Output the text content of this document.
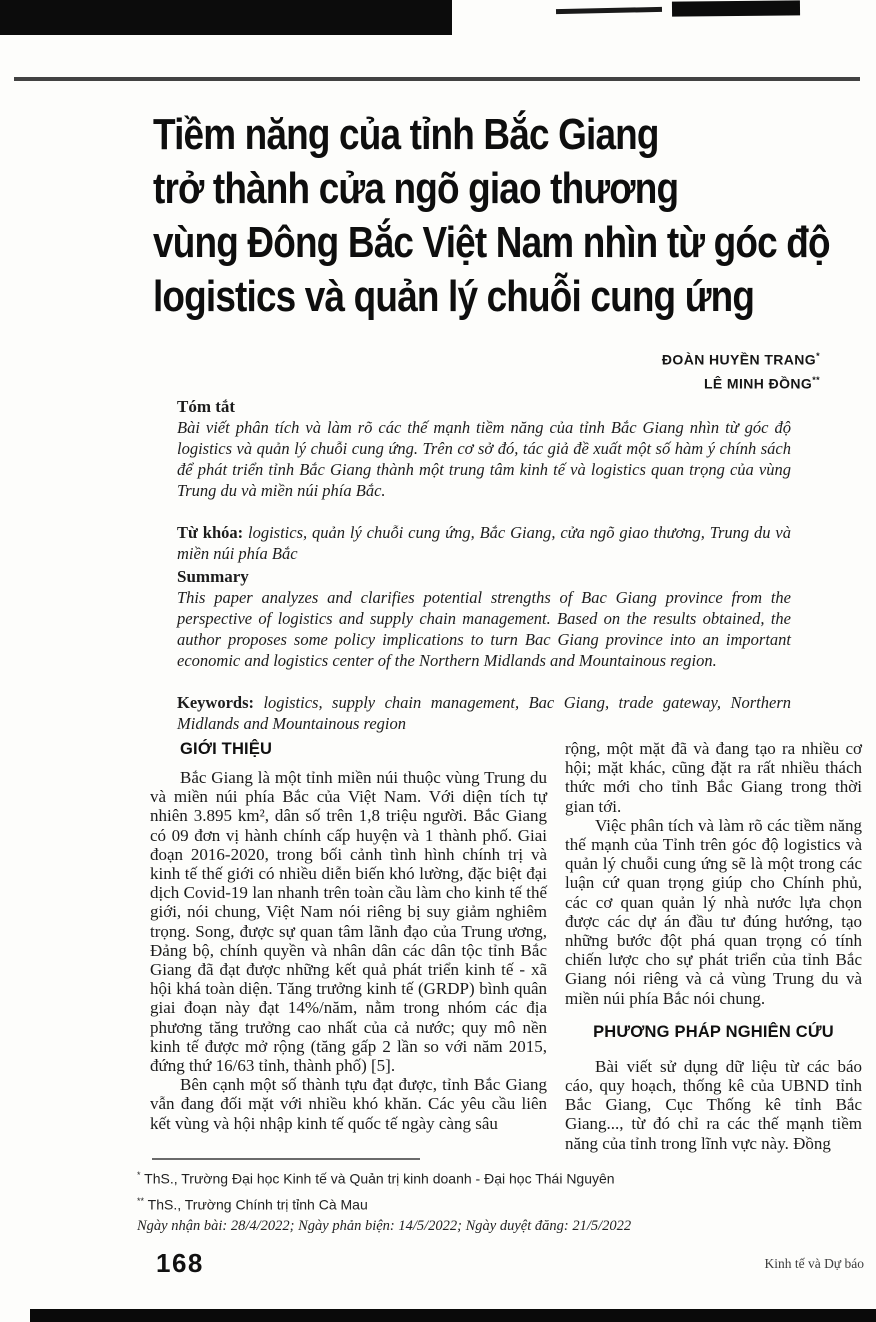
Tiềm năng của tỉnh Bắc Giang
trở thành cửa ngõ giao thương
vùng Đông Bắc Việt Nam nhìn từ góc độ
logistics và quản lý chuỗi cung ứng
ĐOÀN HUYỀN TRANG*
LÊ MINH ĐỒNG**

Tóm tắt

Bài viết phân tích và làm rõ các thế mạnh tiềm năng của tỉnh Bắc Giang nhìn từ góc độ logistics và quản lý chuỗi cung ứng. Trên cơ sở đó, tác giả đề xuất một số hàm ý chính sách để phát triển tỉnh Bắc Giang thành một trung tâm kinh tế và logistics quan trọng của vùng Trung du và miền núi phía Bắc.

Từ khóa: logistics, quản lý chuỗi cung ứng, Bắc Giang, cửa ngõ giao thương, Trung du và miền núi phía Bắc

Summary

This paper analyzes and clarifies potential strengths of Bac Giang province from the perspective of logistics and supply chain management. Based on the results obtained, the author proposes some policy implications to turn Bac Giang province into an important economic and logistics center of the Northern Midlands and Mountainous region.

Keywords: logistics, supply chain management, Bac Giang, trade gateway, Northern Midlands and Mountainous region

GIỚI THIỆU

Bắc Giang là một tỉnh miền núi thuộc vùng Trung du và miền núi phía Bắc của Việt Nam. Với diện tích tự nhiên 3.895 km², dân số trên 1,8 triệu người. Bắc Giang có 09 đơn vị hành chính cấp huyện và 1 thành phố. Giai đoạn 2016-2020, trong bối cảnh tình hình chính trị và kinh tế thế giới có nhiều diễn biến khó lường, đặc biệt đại dịch Covid-19 lan nhanh trên toàn cầu làm cho kinh tế thế giới, nói chung, Việt Nam nói riêng bị suy giảm nghiêm trọng. Song, được sự quan tâm lãnh đạo của Trung ương, Đảng bộ, chính quyền và nhân dân các dân tộc tỉnh Bắc Giang đã đạt được những kết quả phát triển kinh tế - xã hội khá toàn diện. Tăng trưởng kinh tế (GRDP) bình quân giai đoạn này đạt 14%/năm, nằm trong nhóm các địa phương tăng trưởng cao nhất của cả nước; quy mô nền kinh tế được mở rộng (tăng gấp 2 lần so với năm 2015, đứng thứ 16/63 tỉnh, thành phố) [5].

Bên cạnh một số thành tựu đạt được, tỉnh Bắc Giang vẫn đang đối mặt với nhiều khó khăn. Các yêu cầu liên kết vùng và hội nhập kinh tế quốc tế ngày càng sâu

rộng, một mặt đã và đang tạo ra nhiều cơ hội; mặt khác, cũng đặt ra rất nhiều thách thức mới cho tỉnh Bắc Giang trong thời gian tới.

Việc phân tích và làm rõ các tiềm năng thế mạnh của Tỉnh trên góc độ logistics và quản lý chuỗi cung ứng sẽ là một trong các luận cứ quan trọng giúp cho Chính phủ, các cơ quan quản lý nhà nước lựa chọn được các dự án đầu tư đúng hướng, tạo những bước đột phá quan trọng có tính chiến lược cho sự phát triển của tỉnh Bắc Giang nói riêng và cả vùng Trung du và miền núi phía Bắc nói chung.

PHƯƠNG PHÁP NGHIÊN CỨU

Bài viết sử dụng dữ liệu từ các báo cáo, quy hoạch, thống kê của UBND tỉnh Bắc Giang, Cục Thống kê tỉnh Bắc Giang..., từ đó chỉ ra các thế mạnh tiềm năng của tỉnh trong lĩnh vực này. Đồng

* ThS., Trường Đại học Kinh tế và Quản trị kinh doanh - Đại học Thái Nguyên
** ThS., Trường Chính trị tỉnh Cà Mau
Ngày nhận bài: 28/4/2022; Ngày phản biện: 14/5/2022; Ngày duyệt đăng: 21/5/2022
168	Kinh tế và Dự báo
